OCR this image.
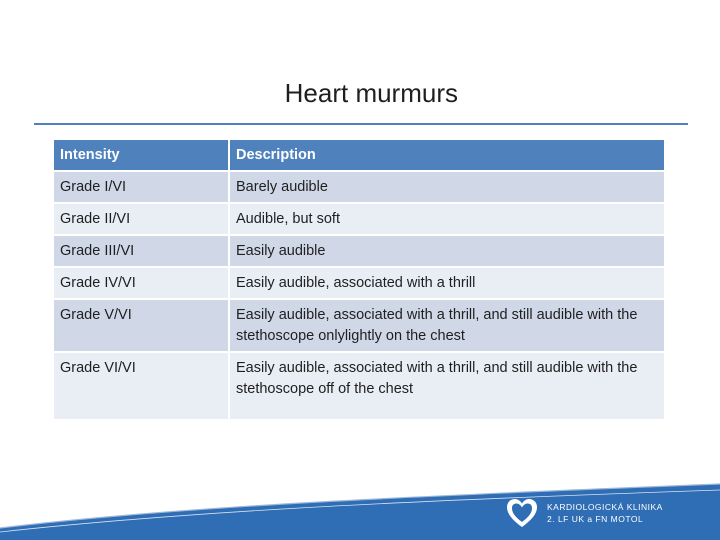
Heart murmurs
Intensity	Description
Grade I/VI	Barely audible
Grade II/VI	Audible, but soft
Grade III/VI	Easily audible
Grade IV/VI	Easily audible, associated with a thrill
Grade V/VI	Easily audible, associated with a thrill, and still audible with the stethoscope onlylightly on the chest
Grade VI/VI	Easily audible, associated with a thrill, and still audible with the stethoscope off of the chest
KARDIOLOGICKÁ KLINIKA
2. LF UK a FN MOTOL
